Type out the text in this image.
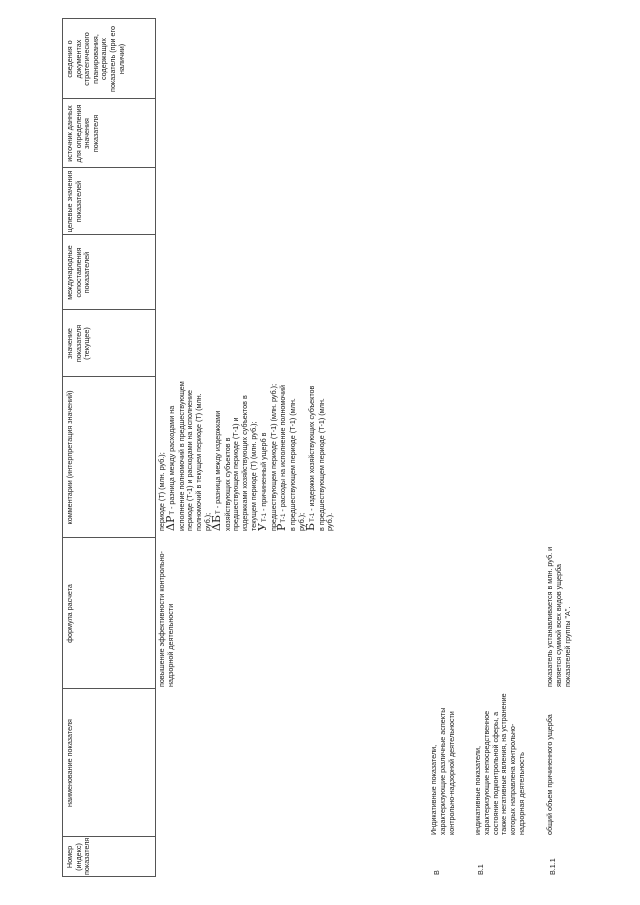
Номер (индекс) показателя
наименование показателя
формула расчета
комментарии (интерпретация значений)
значение показателя (текущее)
международные сопоставления показателей
целевые значения показателей
источник данных для определения значения показателя
сведения о документах стратегического планирования, содержащих показатель (при его наличии)
повышение эффективности контрольно-надзорной деятельности
периоде (Т) (млн. руб.);
ΔРТ - разница между расходами на исполнение полномочий в предшествующем периоде (Т-1) и расходами на исполнение полномочий в текущем периоде (Т) (млн. руб.);
ΔБТ - разница между издержками хозяйствующих субъектов в предшествующем периоде (Т-1) и издержками хозяйствующих субъектов в текущем периоде (Т) (млн. руб.);
УТ-1 - причиненный ущерб в предшествующем периоде (Т-1) (млн. руб.);
РТ-1 - расходы на исполнение полномочий в предшествующем периоде (Т-1) (млн. руб.);
БТ-1 - издержки хозяйствующих субъектов в предшествующем периоде (Т-1) (млн. руб.).
В
Индикативные показатели, характеризующие различные аспекты контрольно-надзорной деятельности
В.1
индикативные показатели, характеризующие непосредственное состояние подконтрольной сферы, а также негативные явления, на устранение которых направлена контрольно-надзорная деятельность
В.1.1
общий объем причиненного ущерба
показатель устанавливается в млн. руб. и является суммой всех видов ущерба показателей группы "А".
